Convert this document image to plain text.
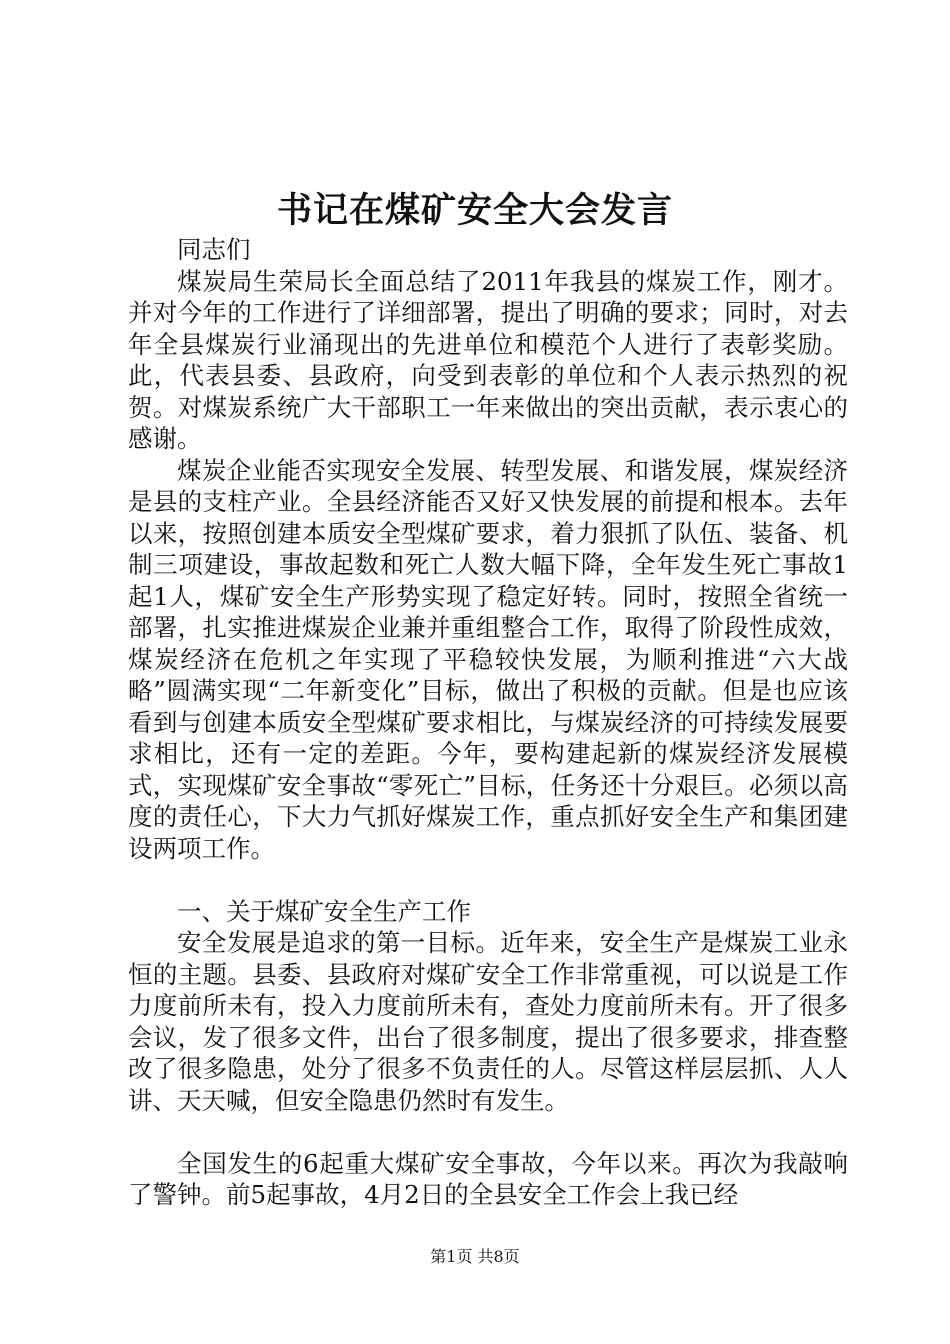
书记在煤矿安全大会发言

同志们

煤炭局生荣局长全面总结了2011年我县的煤炭工作，刚才。并对今年的工作进行了详细部署，提出了明确的要求；同时，对去年全县煤炭行业涌现出的先进单位和模范个人进行了表彰奖励。此，代表县委、县政府，向受到表彰的单位和个人表示热烈的祝贺。对煤炭系统广大干部职工一年来做出的突出贡献，表示衷心的感谢。

煤炭企业能否实现安全发展、转型发展、和谐发展，煤炭经济是县的支柱产业。全县经济能否又好又快发展的前提和根本。去年以来，按照创建本质安全型煤矿要求，着力狠抓了队伍、装备、机制三项建设，事故起数和死亡人数大幅下降，全年发生死亡事故1起1人，煤矿安全生产形势实现了稳定好转。同时，按照全省统一部署，扎实推进煤炭企业兼并重组整合工作，取得了阶段性成效，煤炭经济在危机之年实现了平稳较快发展，为顺利推进“六大战略”圆满实现“二年新变化”目标，做出了积极的贡献。但是也应该看到与创建本质安全型煤矿要求相比，与煤炭经济的可持续发展要求相比，还有一定的差距。今年，要构建起新的煤炭经济发展模式，实现煤矿安全事故“零死亡”目标，任务还十分艰巨。必须以高度的责任心，下大力气抓好煤炭工作，重点抓好安全生产和集团建设两项工作。

一、关于煤矿安全生产工作

安全发展是追求的第一目标。近年来，安全生产是煤炭工业永恒的主题。县委、县政府对煤矿安全工作非常重视，可以说是工作力度前所未有，投入力度前所未有，查处力度前所未有。开了很多会议，发了很多文件，出台了很多制度，提出了很多要求，排查整改了很多隐患，处分了很多不负责任的人。尽管这样层层抓、人人讲、天天喊，但安全隐患仍然时有发生。

全国发生的6起重大煤矿安全事故，今年以来。再次为我敲响了警钟。前5起事故，4月2日的全县安全工作会上我已经

第1页 共8页
